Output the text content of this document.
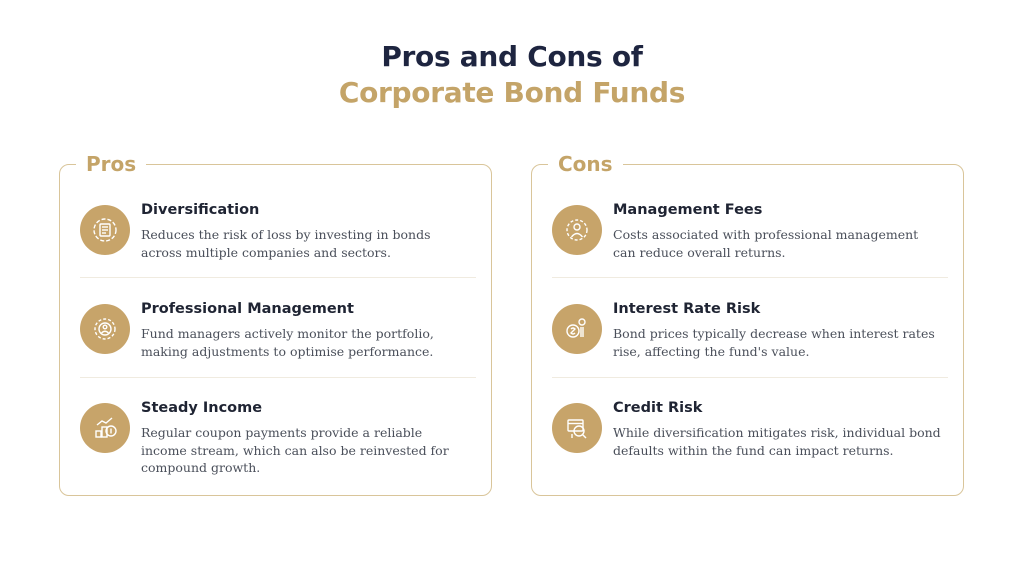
Pros and Cons of
Corporate Bond Funds
Pros
Diversification
Reduces the risk of loss by investing in bonds across multiple companies and sectors.
Professional Management
Fund managers actively monitor the portfolio, making adjustments to optimise performance.
Steady Income
Regular coupon payments provide a reliable income stream, which can also be reinvested for compound growth.
Cons
Management Fees
Costs associated with professional management can reduce overall returns.
Interest Rate Risk
Bond prices typically decrease when interest rates rise, affecting the fund's value.
Credit Risk
While diversification mitigates risk, individual bond defaults within the fund can impact returns.
